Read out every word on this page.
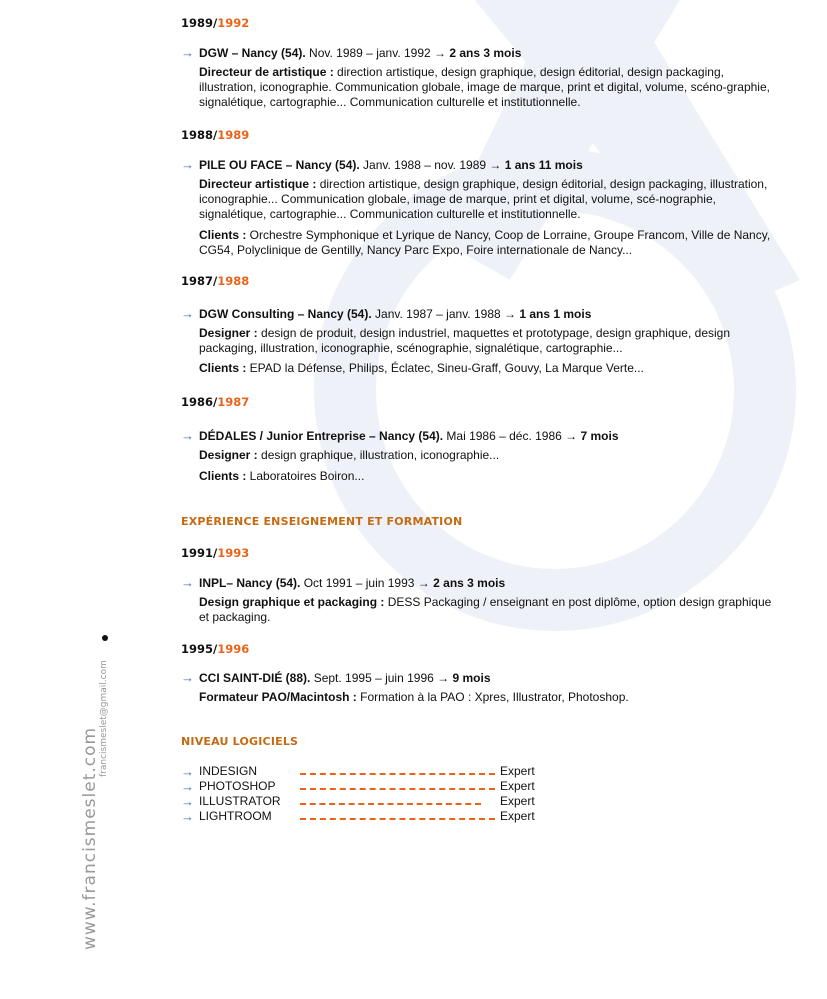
1989/1992
→ DGW – Nancy (54). Nov. 1989 – janv. 1992 → 2 ans 3 mois
Directeur de artistique : direction artistique, design graphique, design éditorial, design packaging, illustration, iconographie. Communication globale, image de marque, print et digital, volume, scéno-graphie, signalétique, cartographie... Communication culturelle et institutionnelle.
1988/1989
→ PILE OU FACE – Nancy (54). Janv. 1988 – nov. 1989 → 1 ans 11 mois
Directeur artistique : direction artistique, design graphique, design éditorial, design packaging, illustration, iconographie... Communication globale, image de marque, print et digital, volume, scé-nographie, signalétique, cartographie... Communication culturelle et institutionnelle.
Clients : Orchestre Symphonique et Lyrique de Nancy, Coop de Lorraine, Groupe Francom, Ville de Nancy, CG54, Polyclinique de Gentilly, Nancy Parc Expo, Foire internationale de Nancy...
1987/1988
→ DGW Consulting – Nancy (54). Janv. 1987 – janv. 1988 → 1 ans 1 mois
Designer : design de produit, design industriel, maquettes et prototypage, design graphique, design packaging, illustration, iconographie, scénographie, signalétique, cartographie...
Clients : EPAD la Défense, Philips, Éclatec, Sineu-Graff, Gouvy, La Marque Verte...
1986/1987
→ DÉDALES / Junior Entreprise – Nancy (54). Mai 1986 – déc. 1986 → 7 mois
Designer : design graphique, illustration, iconographie...
Clients : Laboratoires Boiron...
EXPÉRIENCE ENSEIGNEMENT ET FORMATION
1991/1993
→ INPL– Nancy (54). Oct 1991 – juin 1993 → 2 ans 3 mois
Design graphique et packaging : DESS Packaging / enseignant en post diplôme, option design graphique et packaging.
1995/1996
→ CCI SAINT-DIÉ (88). Sept. 1995 – juin 1996 → 9 mois
Formateur PAO/Macintosh : Formation à la PAO : Xpres, Illustrator, Photoshop.
NIVEAU LOGICIELS
→ INDESIGN	Expert
→ PHOTOSHOP	Expert
→ ILLUSTRATOR	Expert
→ LIGHTROOM	Expert
francismeslet@gmail.com
www.francismeslet.com
